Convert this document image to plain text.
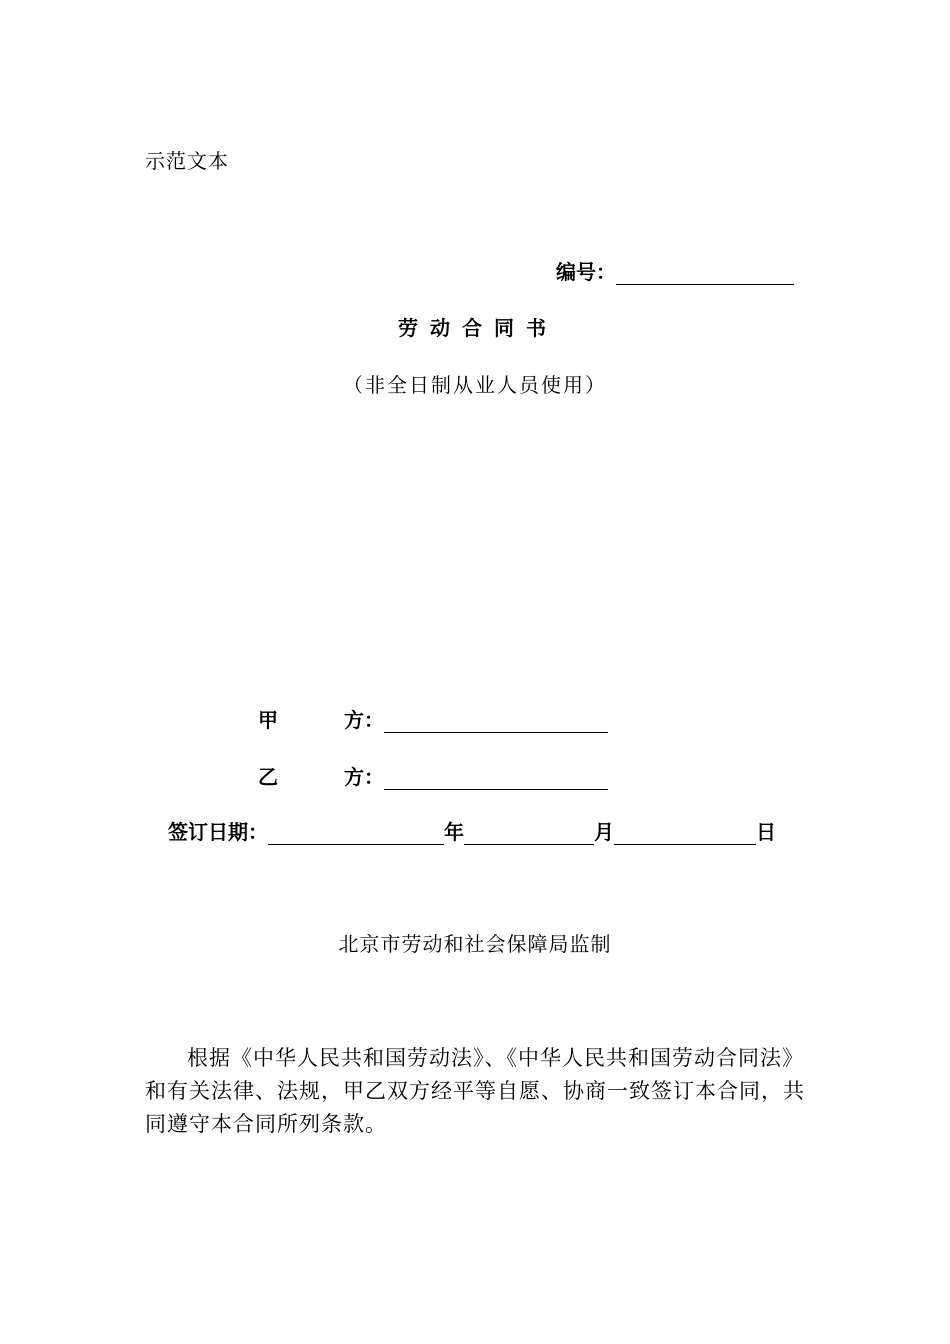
示范文本
编号：
劳动合同书
（非全日制从业人员使用）
甲	方：
乙	方：
签订日期：	年	月	日
北京市劳动和社会保障局监制
根据《中华人民共和国劳动法》、《中华人民共和国劳动合同法》和有关法律、法规，甲乙双方经平等自愿、协商一致签订本合同，共同遵守本合同所列条款。
